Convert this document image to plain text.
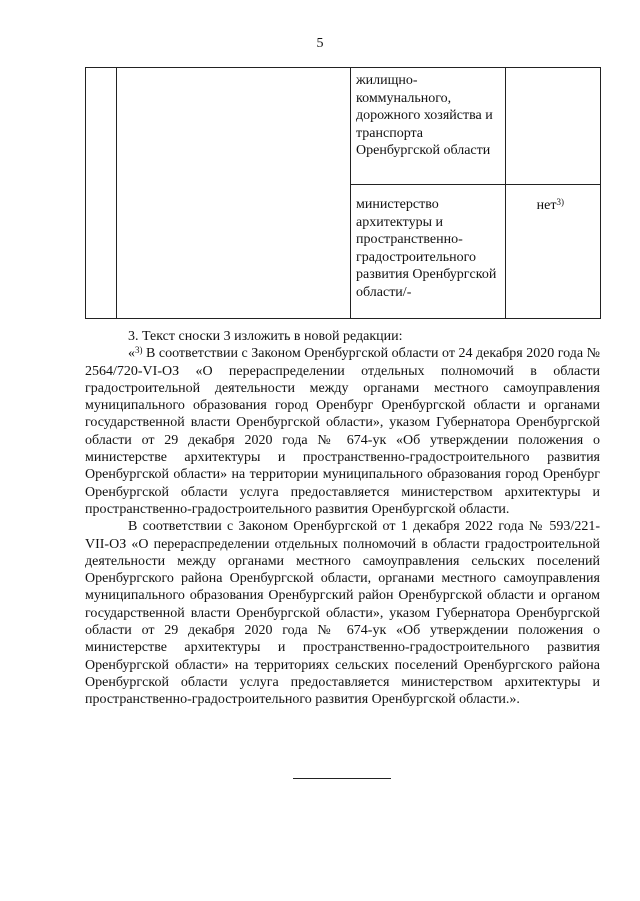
5

		жилищно-коммунального, дорожного хозяйства и транспорта Оренбургской области	

		министерство архитектуры и пространственно-градостроительного развития Оренбургской области/-	нет$^{3)}$

3. Текст сноски 3 изложить в новой редакции:

«$^{3)}$ В соответствии с Законом Оренбургской области от 24 декабря 2020 года № 2564/720-VI-ОЗ «О перераспределении отдельных полномочий в области градостроительной деятельности между органами местного самоуправления муниципального образования город Оренбург Оренбургской области и органами государственной власти Оренбургской области», указом Губернатора Оренбургской области от 29 декабря 2020 года № 674-ук «Об утверждении положения о министерстве архитектуры и пространственно-градостроительного развития Оренбургской области» на территории муниципального образования город Оренбург Оренбургской области услуга предоставляется министерством архитектуры и пространственно-градостроительного развития Оренбургской области.

В соответствии с Законом Оренбургской от 1 декабря 2022 года № 593/221-VII-ОЗ «О перераспределении отдельных полномочий в области градостроительной деятельности между органами местного самоуправления сельских поселений Оренбургского района Оренбургской области, органами местного самоуправления муниципального образования Оренбургский район Оренбургской области и органом государственной власти Оренбургской области», указом Губернатора Оренбургской области от 29 декабря 2020 года № 674-ук «Об утверждении положения о министерстве архитектуры и пространственно-градостроительного развития Оренбургской области» на территориях сельских поселений Оренбургского района Оренбургской области услуга предоставляется министерством архитектуры и пространственно-градостроительного развития Оренбургской области.».
